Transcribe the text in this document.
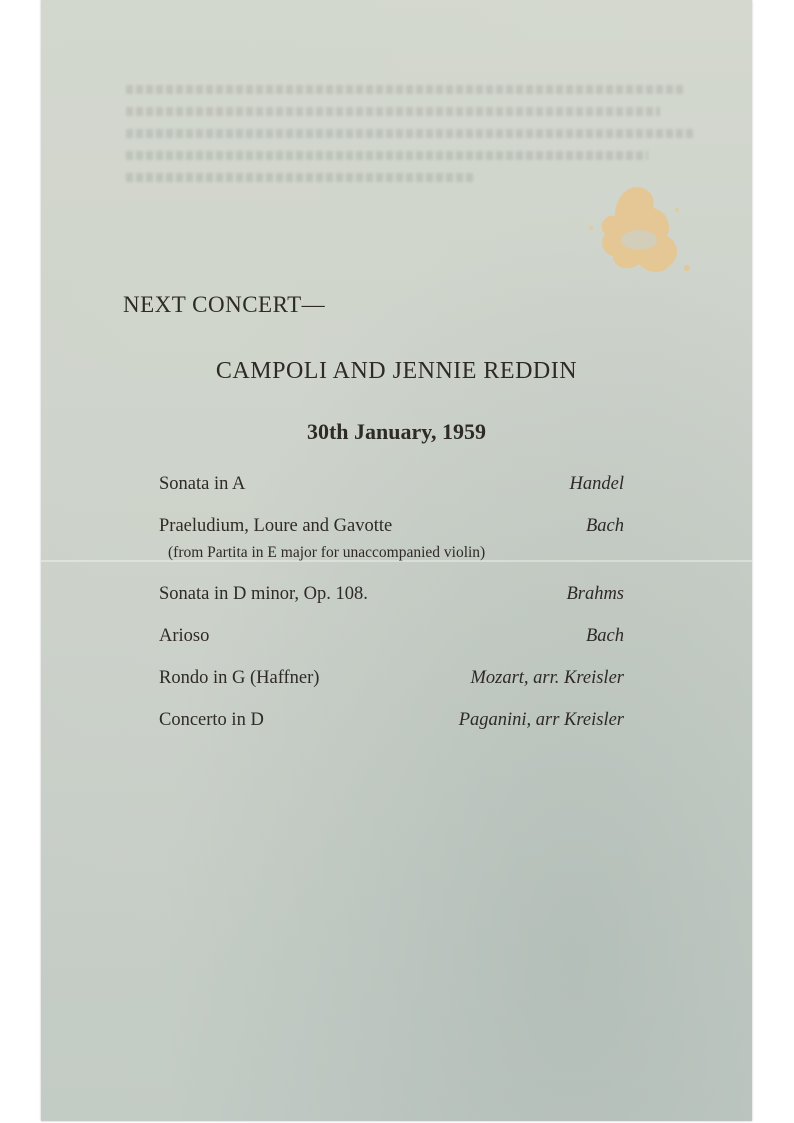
NEXT CONCERT—
CAMPOLI AND JENNIE REDDIN
30th January, 1959
Sonata in A	Handel
Praeludium, Loure and Gavotte	Bach
(from Partita in E major for unaccompanied violin)
Sonata in D minor, Op. 108.	Brahms
Arioso	Bach
Rondo in G (Haffner)	Mozart, arr. Kreisler
Concerto in D	Paganini, arr Kreisler
